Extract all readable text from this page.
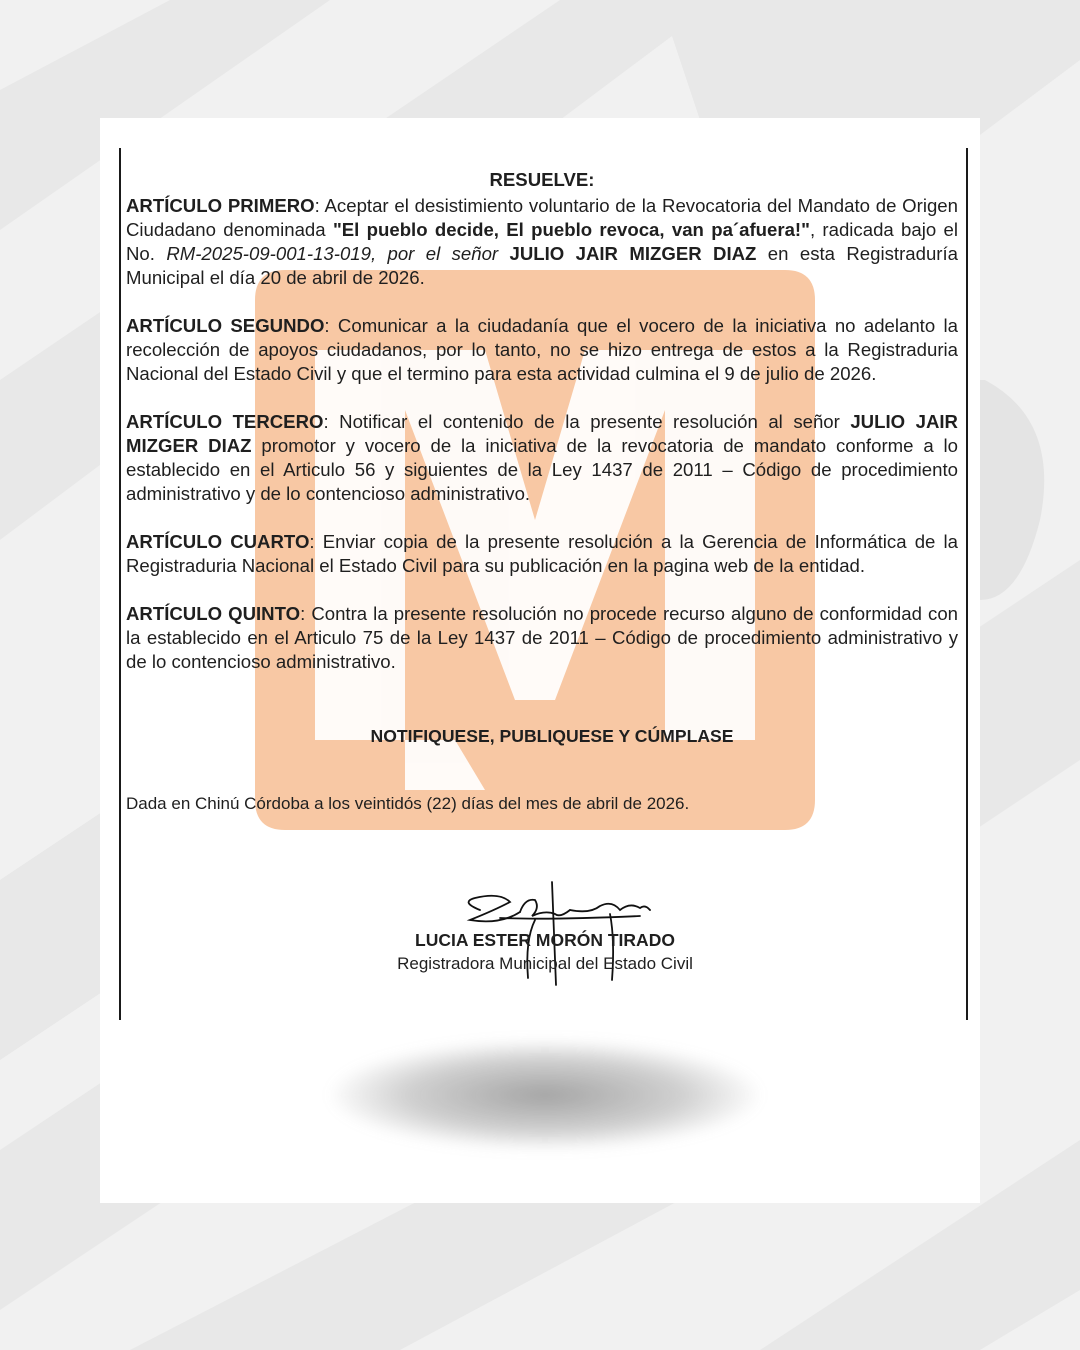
RESUELVE:

ARTÍCULO PRIMERO: Aceptar el desistimiento voluntario de la Revocatoria del Mandato de Origen Ciudadano denominada "El pueblo decide, El pueblo revoca, van pa´afuera!", radicada bajo el No. RM-2025-09-001-13-019, por el señor JULIO JAIR MIZGER DIAZ en esta Registraduría Municipal el día 20 de abril de 2026.

ARTÍCULO SEGUNDO: Comunicar a la ciudadanía que el vocero de la iniciativa no adelanto la recolección de apoyos ciudadanos, por lo tanto, no se hizo entrega de estos a la Registraduria Nacional del Estado Civil y que el termino para esta actividad culmina el 9 de julio de 2026.

ARTÍCULO TERCERO: Notificar el contenido de la presente resolución al señor JULIO JAIR MIZGER DIAZ promotor y vocero de la iniciativa de la revocatoria de mandato conforme a lo establecido en el Articulo 56 y siguientes de la Ley 1437 de 2011 – Código de procedimiento administrativo y de lo contencioso administrativo.

ARTÍCULO CUARTO: Enviar copia de la presente resolución a la Gerencia de Informática de la Registraduria Nacional el Estado Civil para su publicación en la pagina web de la entidad.

ARTÍCULO QUINTO: Contra la presente resolución no procede recurso alguno de conformidad con la establecido en el Articulo 75 de la Ley 1437 de 2011 – Código de procedimiento administrativo y de lo contencioso administrativo.

NOTIFIQUESE, PUBLIQUESE Y CÚMPLASE
Dada en Chinú Córdoba a los veintidós (22) días del mes de abril de 2026.
LUCIA ESTER MORÓN TIRADO
Registradora Municipal del Estado Civil
